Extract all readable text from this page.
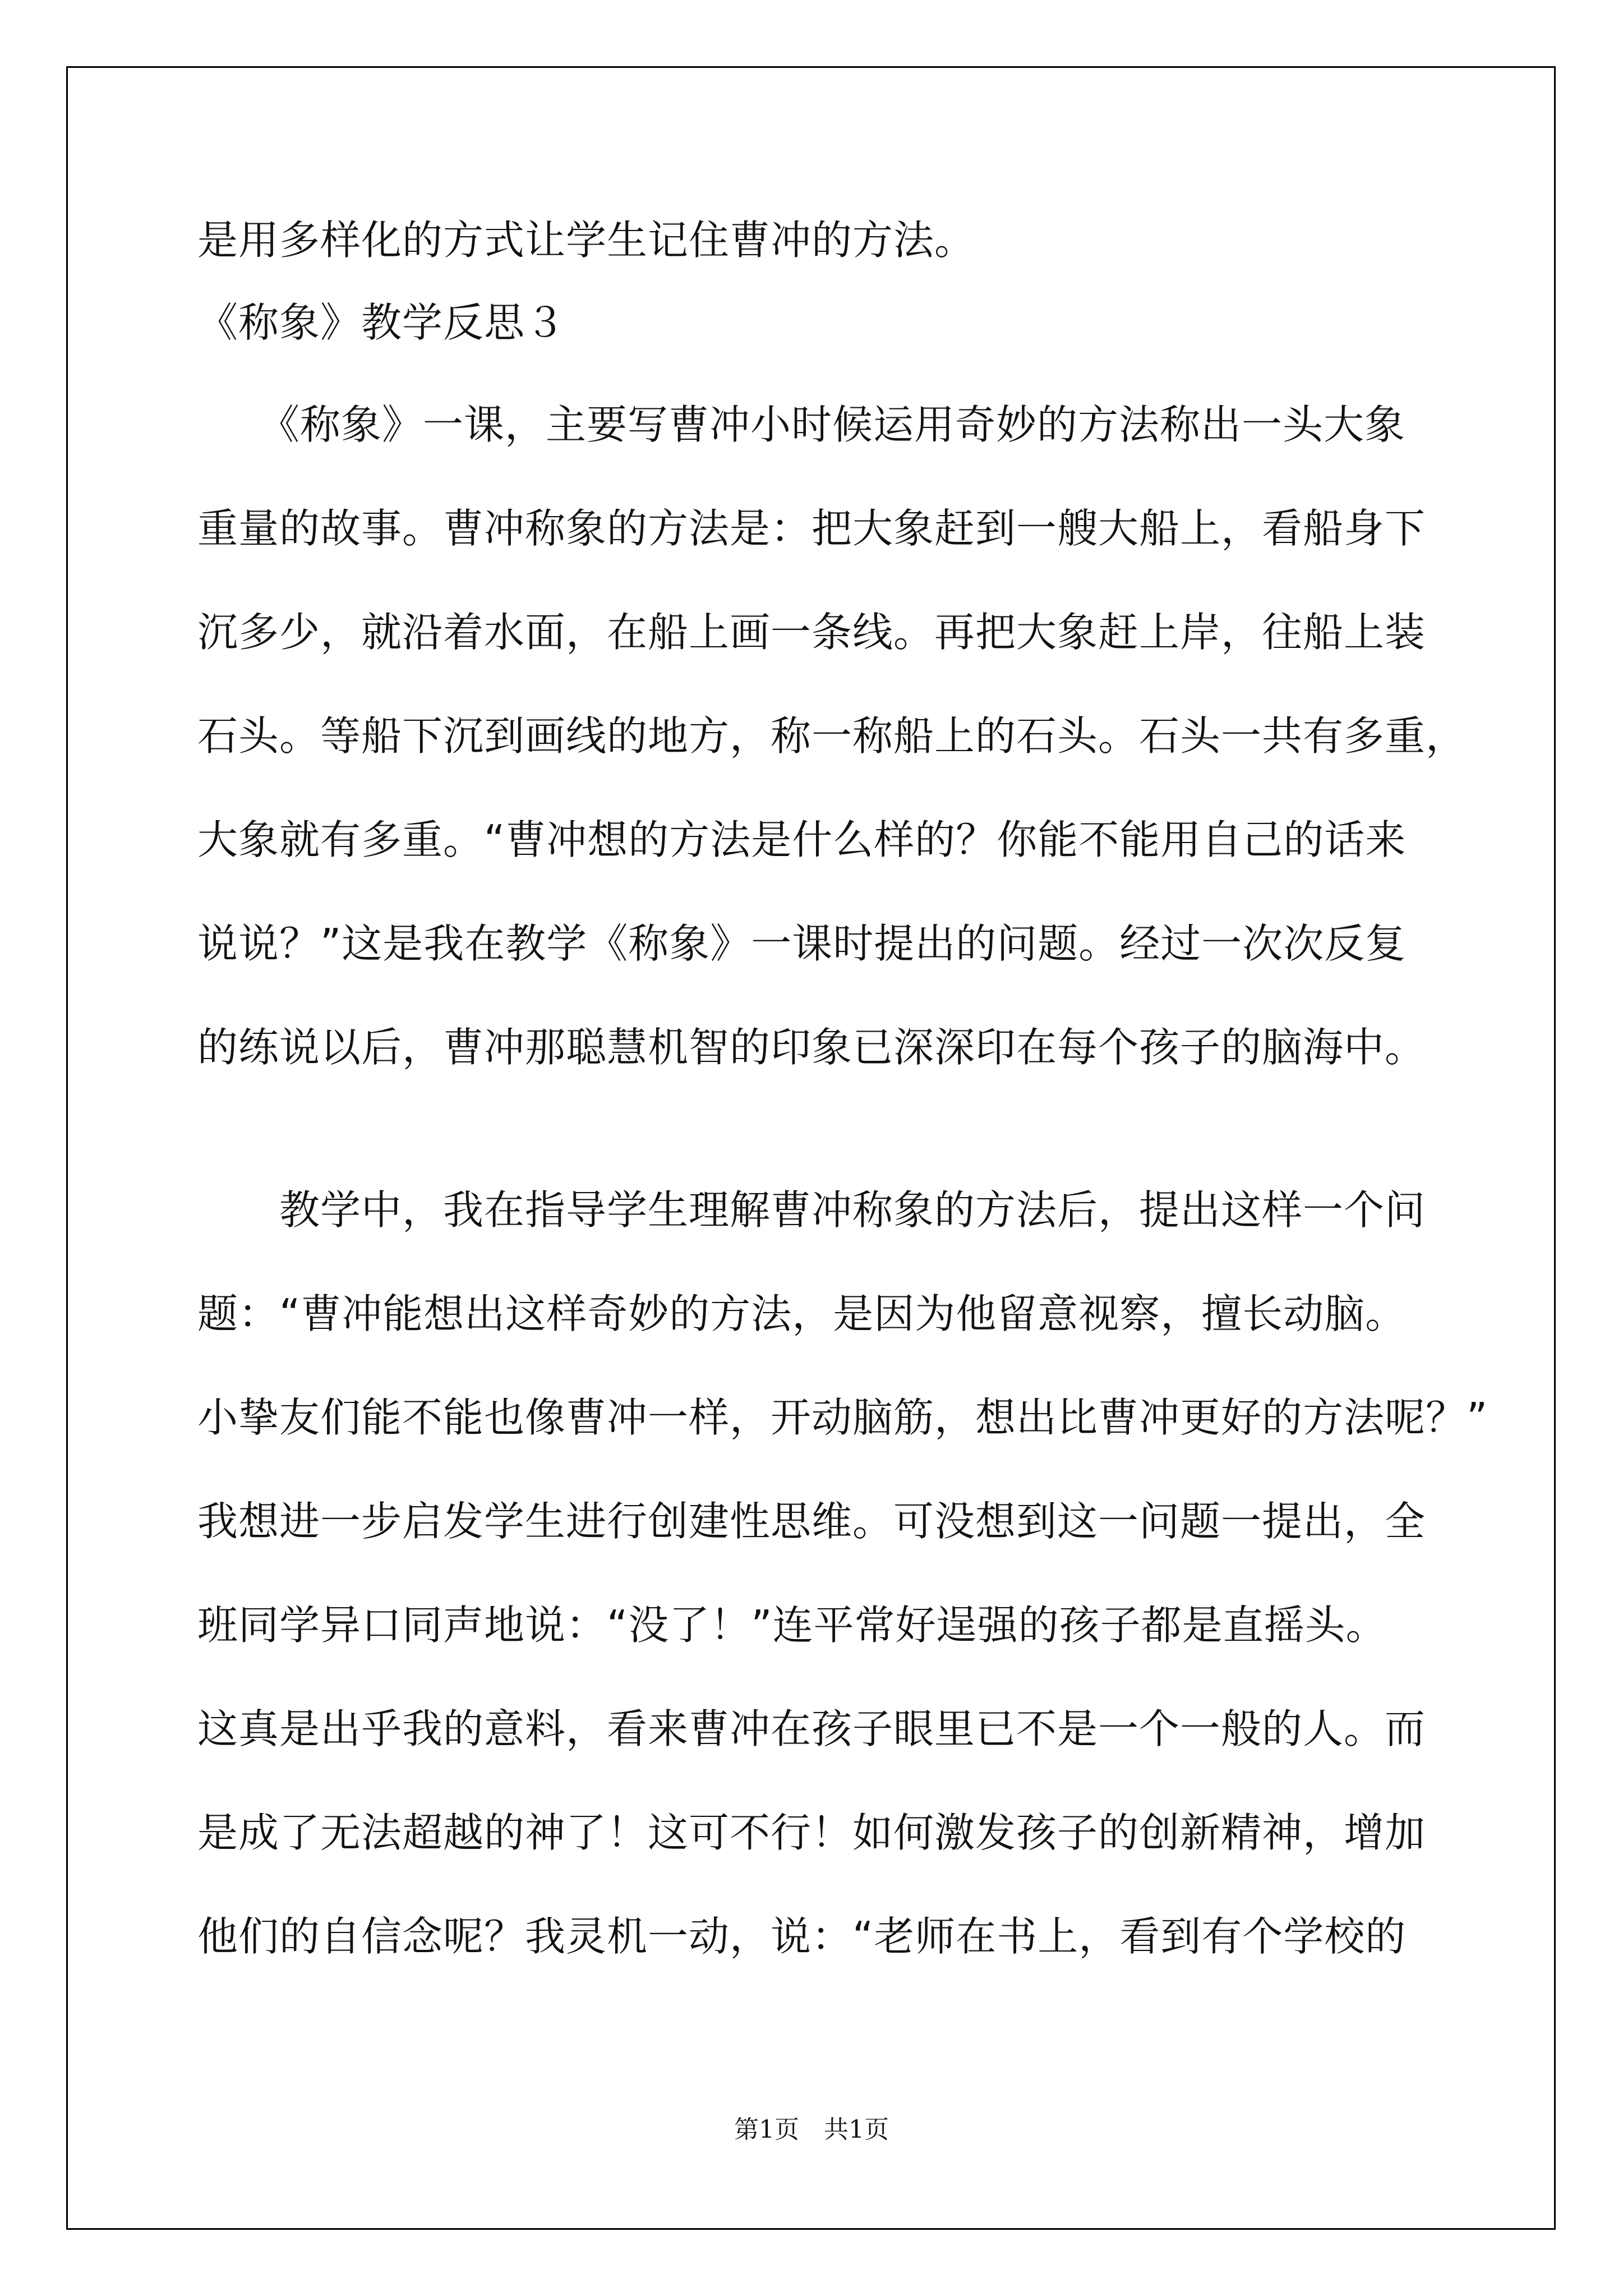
是用多样化的方式让学生记住曹冲的方法。
《称象》教学反思３
　　《称象》一课，主要写曹冲小时候运用奇妙的方法称出一头大象
重量的故事。曹冲称象的方法是：把大象赶到一艘大船上，看船身下
沉多少，就沿着水面，在船上画一条线。再把大象赶上岸，往船上装
石头。等船下沉到画线的地方，称一称船上的石头。石头一共有多重，
大象就有多重。“曹冲想的方法是什么样的？你能不能用自己的话来
说说？”这是我在教学《称象》一课时提出的问题。经过一次次反复
的练说以后，曹冲那聪慧机智的印象已深深印在每个孩子的脑海中。
　　教学中，我在指导学生理解曹冲称象的方法后，提出这样一个问
题：“曹冲能想出这样奇妙的方法，是因为他留意视察，擅长动脑。
小挚友们能不能也像曹冲一样，开动脑筋，想出比曹冲更好的方法呢？”
我想进一步启发学生进行创建性思维。可没想到这一问题一提出，全
班同学异口同声地说：“没了！”连平常好逞强的孩子都是直摇头。
这真是出乎我的意料，看来曹冲在孩子眼里已不是一个一般的人。而
是成了无法超越的神了！这可不行！如何激发孩子的创新精神，增加
他们的自信念呢？我灵机一动，说：“老师在书上，看到有个学校的
第1页　共1页
